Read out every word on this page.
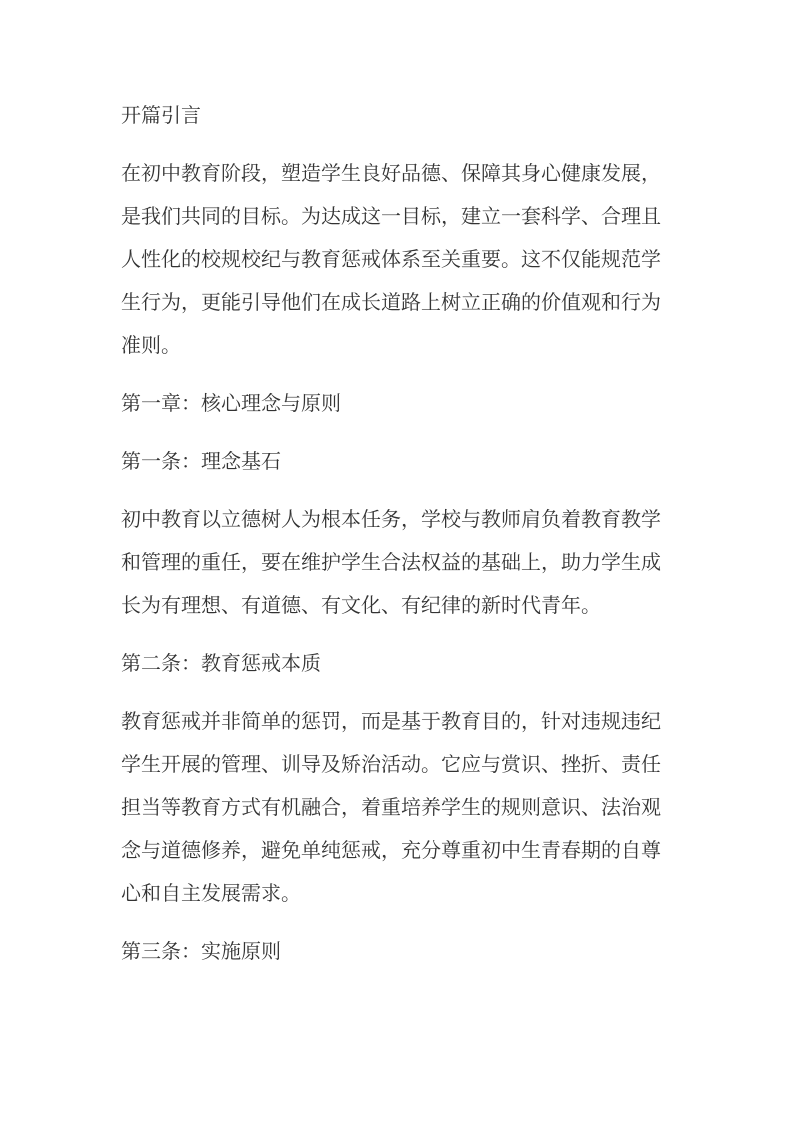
开篇引言
在初中教育阶段，塑造学生良好品德、保障其身心健康发展，是我们共同的目标。为达成这一目标，建立一套科学、合理且人性化的校规校纪与教育惩戒体系至关重要。这不仅能规范学生行为，更能引导他们在成长道路上树立正确的价值观和行为准则。
第一章：核心理念与原则
第一条：理念基石
初中教育以立德树人为根本任务，学校与教师肩负着教育教学和管理的重任，要在维护学生合法权益的基础上，助力学生成长为有理想、有道德、有文化、有纪律的新时代青年。
第二条：教育惩戒本质
教育惩戒并非简单的惩罚，而是基于教育目的，针对违规违纪学生开展的管理、训导及矫治活动。它应与赏识、挫折、责任担当等教育方式有机融合，着重培养学生的规则意识、法治观念与道德修养，避免单纯惩戒，充分尊重初中生青春期的自尊心和自主发展需求。
第三条：实施原则
